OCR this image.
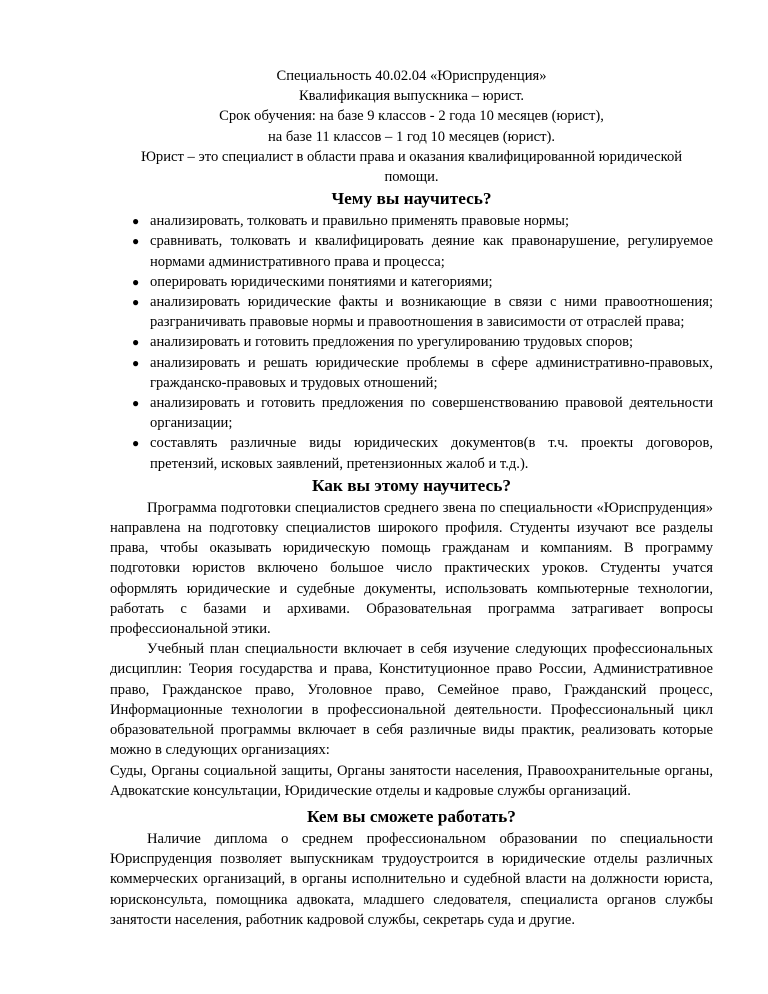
Специальность 40.02.04 «Юриспруденция»

Квалификация выпускника – юрист.

Срок обучения: на базе 9 классов - 2 года 10 месяцев (юрист),

на базе 11 классов – 1 год 10 месяцев (юрист).

Юрист – это специалист в области права и оказания квалифицированной юридической помощи.

Чему вы научитесь?
● анализировать, толковать и правильно применять правовые нормы;
● сравнивать, толковать и квалифицировать деяние как правонарушение, регулируемое нормами административного права и процесса;
● оперировать юридическими понятиями и категориями;
● анализировать юридические факты и возникающие в связи с ними правоотношения; разграничивать правовые нормы и правоотношения в зависимости от отраслей права;
● анализировать и готовить предложения по урегулированию трудовых споров;
● анализировать и решать юридические проблемы в сфере административно-правовых, гражданско-правовых и трудовых отношений;
● анализировать и готовить предложения по совершенствованию правовой деятельности организации;
● составлять различные виды юридических документов(в т.ч. проекты договоров, претензий, исковых заявлений, претензионных жалоб и т.д.).
Как вы этому научитесь?

Программа подготовки специалистов среднего звена по специальности «Юриспруденция» направлена на подготовку специалистов широкого профиля. Студенты изучают все разделы права, чтобы оказывать юридическую помощь гражданам и компаниям. В программу подготовки юристов включено большое число практических уроков. Студенты учатся оформлять юридические и судебные документы, использовать компьютерные технологии, работать с базами и архивами. Образовательная программа затрагивает вопросы профессиональной этики.

Учебный план специальности включает в себя изучение следующих профессиональных дисциплин: Теория государства и права, Конституционное право России, Административное право, Гражданское право, Уголовное право, Семейное право, Гражданский процесс, Информационные технологии в профессиональной деятельности. Профессиональный цикл образовательной программы включает в себя различные виды практик, реализовать которые можно в следующих организациях:

Суды, Органы социальной защиты, Органы занятости населения, Правоохранительные органы, Адвокатские консультации, Юридические отделы и кадровые службы организаций.

Кем вы сможете работать?

Наличие диплома о среднем профессиональном образовании по специальности Юриспруденция позволяет выпускникам трудоустроится в юридические отделы различных коммерческих организаций, в органы исполнительно и судебной власти на должности юриста, юрисконсульта, помощника адвоката, младшего следователя, специалиста органов службы занятости населения, работник кадровой службы, секретарь суда и другие.
